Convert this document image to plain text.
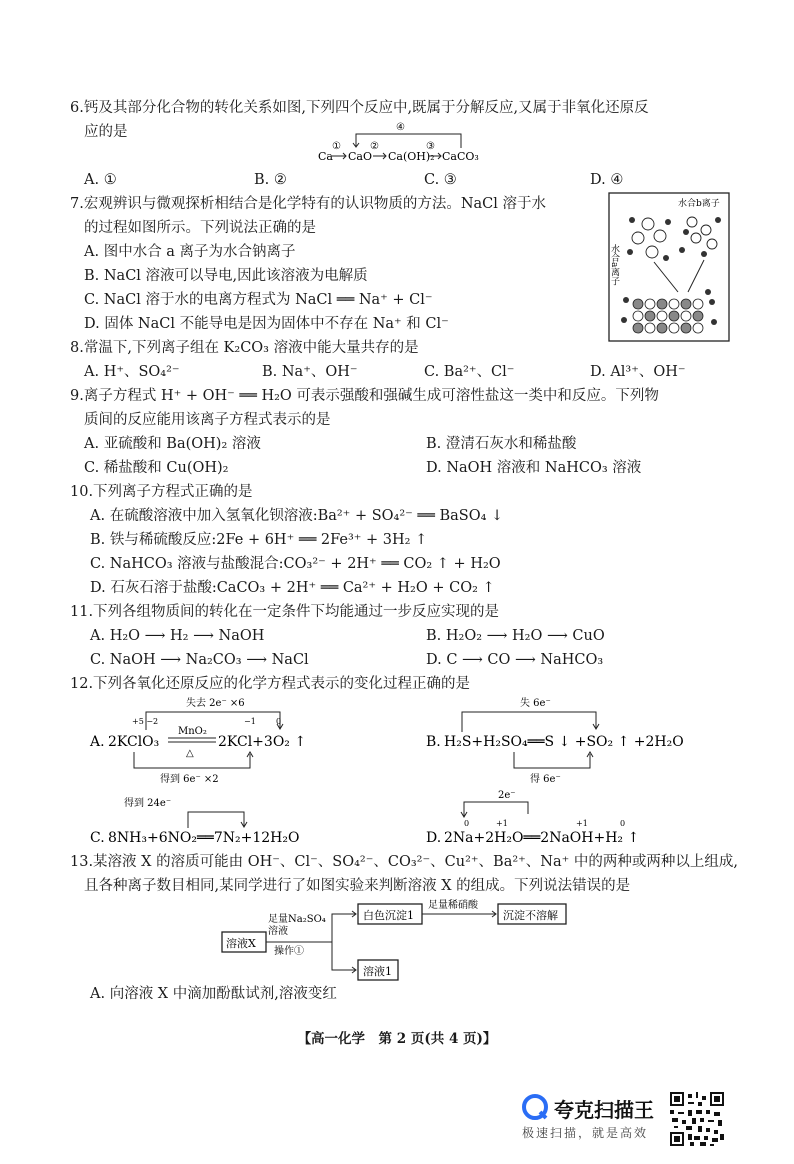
6.钙及其部分化合物的转化关系如图,下列四个反应中,既属于分解反应,又属于非氧化还原反
应的是
Ca CaO Ca(OH)₂ CaCO₃
①	②	③
④
A. ①	B. ②	C. ③	D. ④
7.宏观辨识与微观探析相结合是化学特有的认识物质的方法。NaCl 溶于水
的过程如图所示。下列说法正确的是
A. 图中水合 a 离子为水合钠离子
B. NaCl 溶液可以导电,因此该溶液为电解质
C. NaCl 溶于水的电离方程式为 NaCl ══ Na⁺ + Cl⁻
D. 固体 NaCl 不能导电是因为固体中不存在 Na⁺ 和 Cl⁻
水合b离子
水合a离子
8.常温下,下列离子组在 K₂CO₃ 溶液中能大量共存的是
A. H⁺、SO₄²⁻	B. Na⁺、OH⁻	C. Ba²⁺、Cl⁻	D. Al³⁺、OH⁻
9.离子方程式 H⁺ + OH⁻ ══ H₂O 可表示强酸和强碱生成可溶性盐这一类中和反应。下列物
质间的反应能用该离子方程式表示的是
A. 亚硫酸和 Ba(OH)₂ 溶液	B. 澄清石灰水和稀盐酸
C. 稀盐酸和 Cu(OH)₂	D. NaOH 溶液和 NaHCO₃ 溶液
10.下列离子方程式正确的是
A. 在硫酸溶液中加入氢氧化钡溶液:Ba²⁺ + SO₄²⁻ ══ BaSO₄ ↓
B. 铁与稀硫酸反应:2Fe + 6H⁺ ══ 2Fe³⁺ + 3H₂ ↑
C. NaHCO₃ 溶液与盐酸混合:CO₃²⁻ + 2H⁺ ══ CO₂ ↑ + H₂O
D. 石灰石溶于盐酸:CaCO₃ + 2H⁺ ══ Ca²⁺ + H₂O + CO₂ ↑
11.下列各组物质间的转化在一定条件下均能通过一步反应实现的是
A. H₂O ⟶ H₂ ⟶ NaOH	B. H₂O₂ ⟶ H₂O ⟶ CuO
C. NaOH ⟶ Na₂CO₃ ⟶ NaCl	D. C ⟶ CO ⟶ NaHCO₃
12.下列各氧化还原反应的化学方程式表示的变化过程正确的是
失去 2e⁻ ×6
+5 −2	−1	0
A. 2KClO₃
MnO₂
△
2KCl+3O₂ ↑
得到 6e⁻ ×2
失 6e⁻
B. H₂S+H₂SO₄══S ↓ +SO₂ ↑ +2H₂O
得 6e⁻
得到 24e⁻
C. 8NH₃+6NO₂══7N₂+12H₂O
2e⁻
0	+1	+1	0
D. 2Na+2H₂O══2NaOH+H₂ ↑
13.某溶液 X 的溶质可能由 OH⁻、Cl⁻、SO₄²⁻、CO₃²⁻、Cu²⁺、Ba²⁺、Na⁺ 中的两种或两种以上组成,
且各种离子数目相同,某同学进行了如图实验来判断溶液 X 的组成。下列说法错误的是
溶液X
足量Na₂SO₄
溶液
操作①
白色沉淀1
足量稀硝酸
沉淀不溶解
溶液1
A. 向溶液 X 中滴加酚酞试剂,溶液变红
【高一化学　第 2 页(共 4 页)】
夸克扫描王
极速扫描，就是高效
